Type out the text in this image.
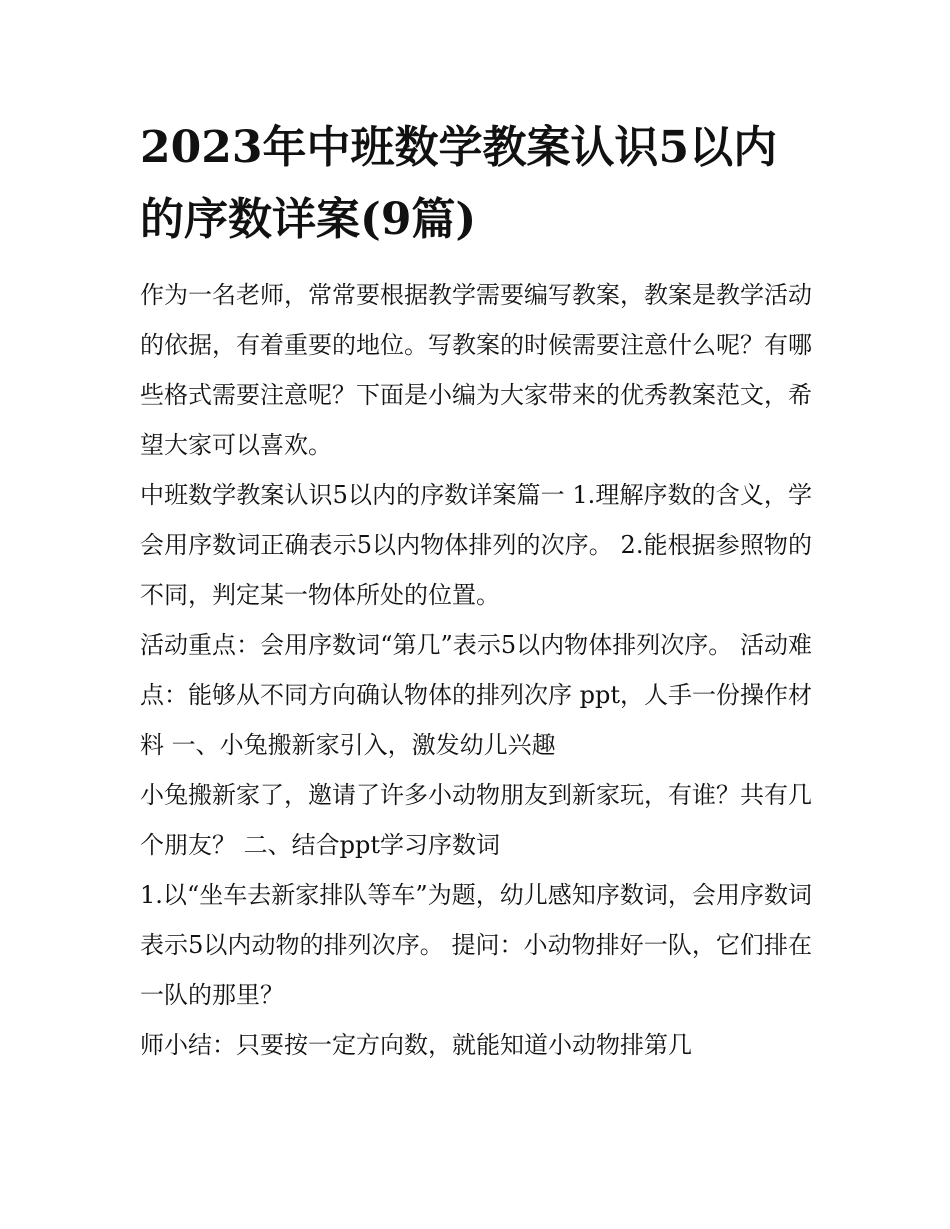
2023年中班数学教案认识5以内的序数详案(9篇)

作为一名老师，常常要根据教学需要编写教案，教案是教学活动的依据，有着重要的地位。写教案的时候需要注意什么呢？有哪些格式需要注意呢？下面是小编为大家带来的优秀教案范文，希望大家可以喜欢。

中班数学教案认识5以内的序数详案篇一 1.理解序数的含义，学会用序数词正确表示5以内物体排列的次序。 2.能根据参照物的不同，判定某一物体所处的位置。

活动重点：会用序数词“第几”表示5以内物体排列次序。 活动难点：能够从不同方向确认物体的排列次序 ppt，人手一份操作材料 一、小兔搬新家引入，激发幼儿兴趣

小兔搬新家了，邀请了许多小动物朋友到新家玩，有谁？共有几个朋友？ 二、结合ppt学习序数词

1.以“坐车去新家排队等车”为题，幼儿感知序数词，会用序数词表示5以内动物的排列次序。 提问：小动物排好一队，它们排在一队的那里？

师小结：只要按一定方向数，就能知道小动物排第几
